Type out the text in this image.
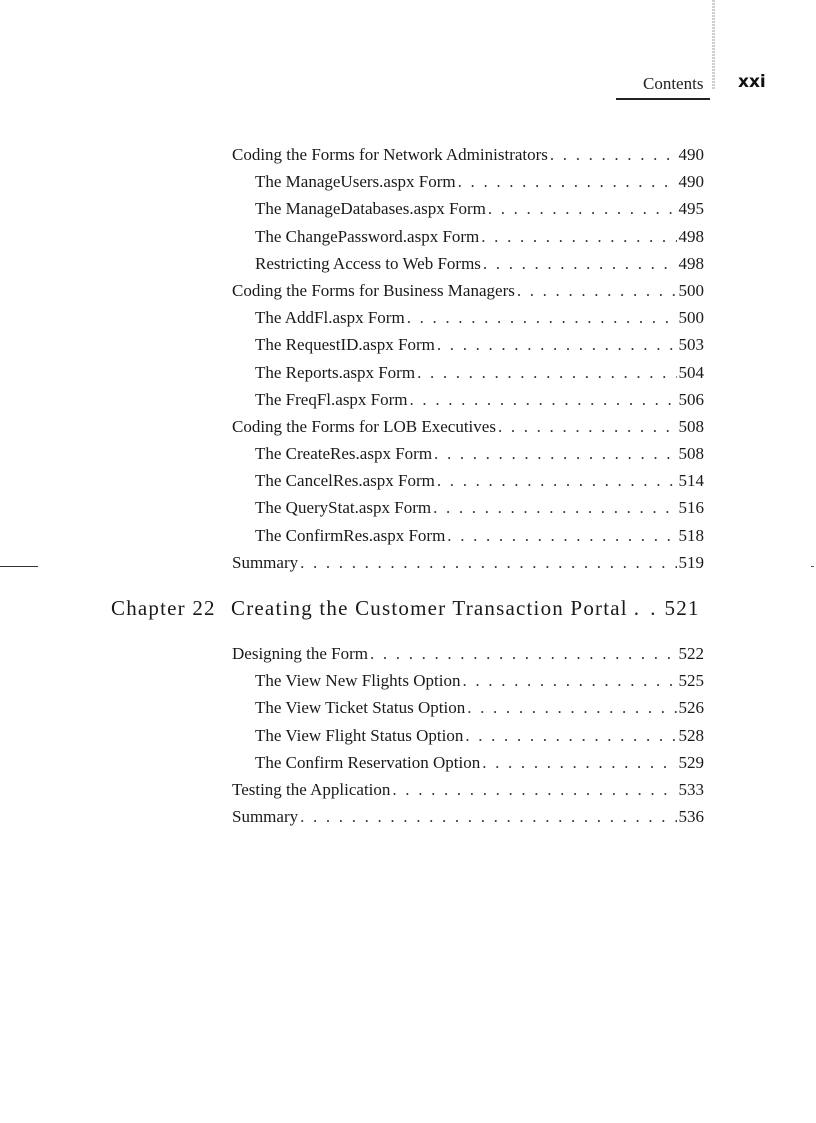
Contents xxi
Coding the Forms for Network Administrators . . .	490
The ManageUsers.aspx Form . . .	490
The ManageDatabases.aspx Form . . .	495
The ChangePassword.aspx Form . . .	498
Restricting Access to Web Forms . . .	498
Coding the Forms for Business Managers . . .	500
The AddFl.aspx Form . . .	500
The RequestID.aspx Form . . .	503
The Reports.aspx Form . . .	504
The FreqFl.aspx Form . . .	506
Coding the Forms for LOB Executives . . .	508
The CreateRes.aspx Form . . .	508
The CancelRes.aspx Form . . .	514
The QueryStat.aspx Form . . .	516
The ConfirmRes.aspx Form . . .	518
Summary . . .	519
Chapter 22 Creating the Customer Transaction Portal . . 521
Designing the Form . . .	522
The View New Flights Option . . .	525
The View Ticket Status Option . . .	526
The View Flight Status Option . . .	528
The Confirm Reservation Option . . .	529
Testing the Application . . .	533
Summary . . .	536
